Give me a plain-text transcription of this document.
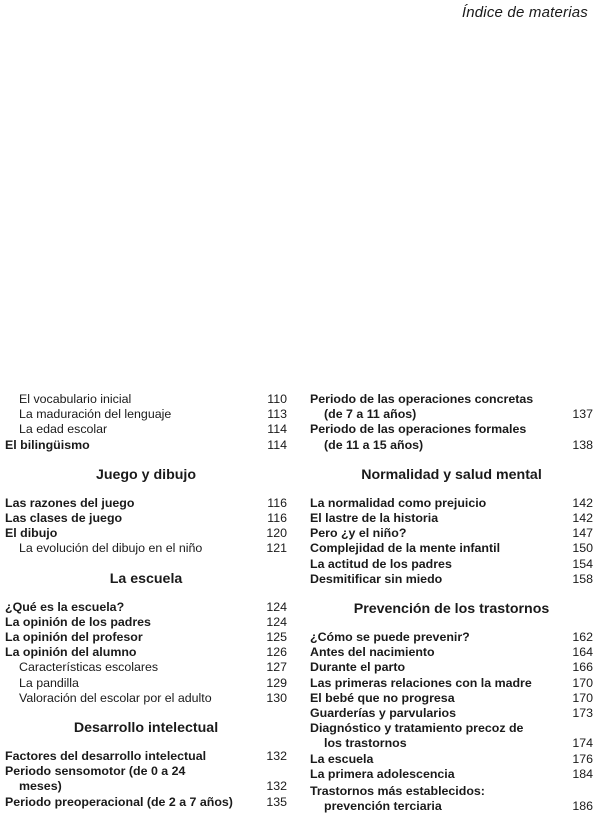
Índice de materias
El vocabulario inicial	110
La maduración del lenguaje	113
La edad escolar	114
El bilingüismo	114
Juego y dibujo
Las razones del juego	116
Las clases de juego	116
El dibujo	120
La evolución del dibujo en el niño	121
La escuela
¿Qué es la escuela?	124
La opinión de los padres	124
La opinión del profesor	125
La opinión del alumno	126
Características escolares	127
La pandilla	129
Valoración del escolar por el adulto	130
Desarrollo intelectual
Factores del desarrollo intelectual	132
Periodo sensomotor (de 0 a 24
meses)	132
Periodo preoperacional (de 2 a 7 años)	135
Periodo de las operaciones concretas
(de 7 a 11 años)	137
Periodo de las operaciones formales
(de 11 a 15 años)	138
Normalidad y salud mental
La normalidad como prejuicio	142
El lastre de la historia	142
Pero ¿y el niño?	147
Complejidad de la mente infantil	150
La actitud de los padres	154
Desmitificar sin miedo	158
Prevención de los trastornos
¿Cómo se puede prevenir?	162
Antes del nacimiento	164
Durante el parto	166
Las primeras relaciones con la madre	170
El bebé que no progresa	170
Guarderías y parvularios	173
Diagnóstico y tratamiento precoz de
los trastornos	174
La escuela	176
La primera adolescencia	184
Trastornos más establecidos:
prevención terciaria	186
